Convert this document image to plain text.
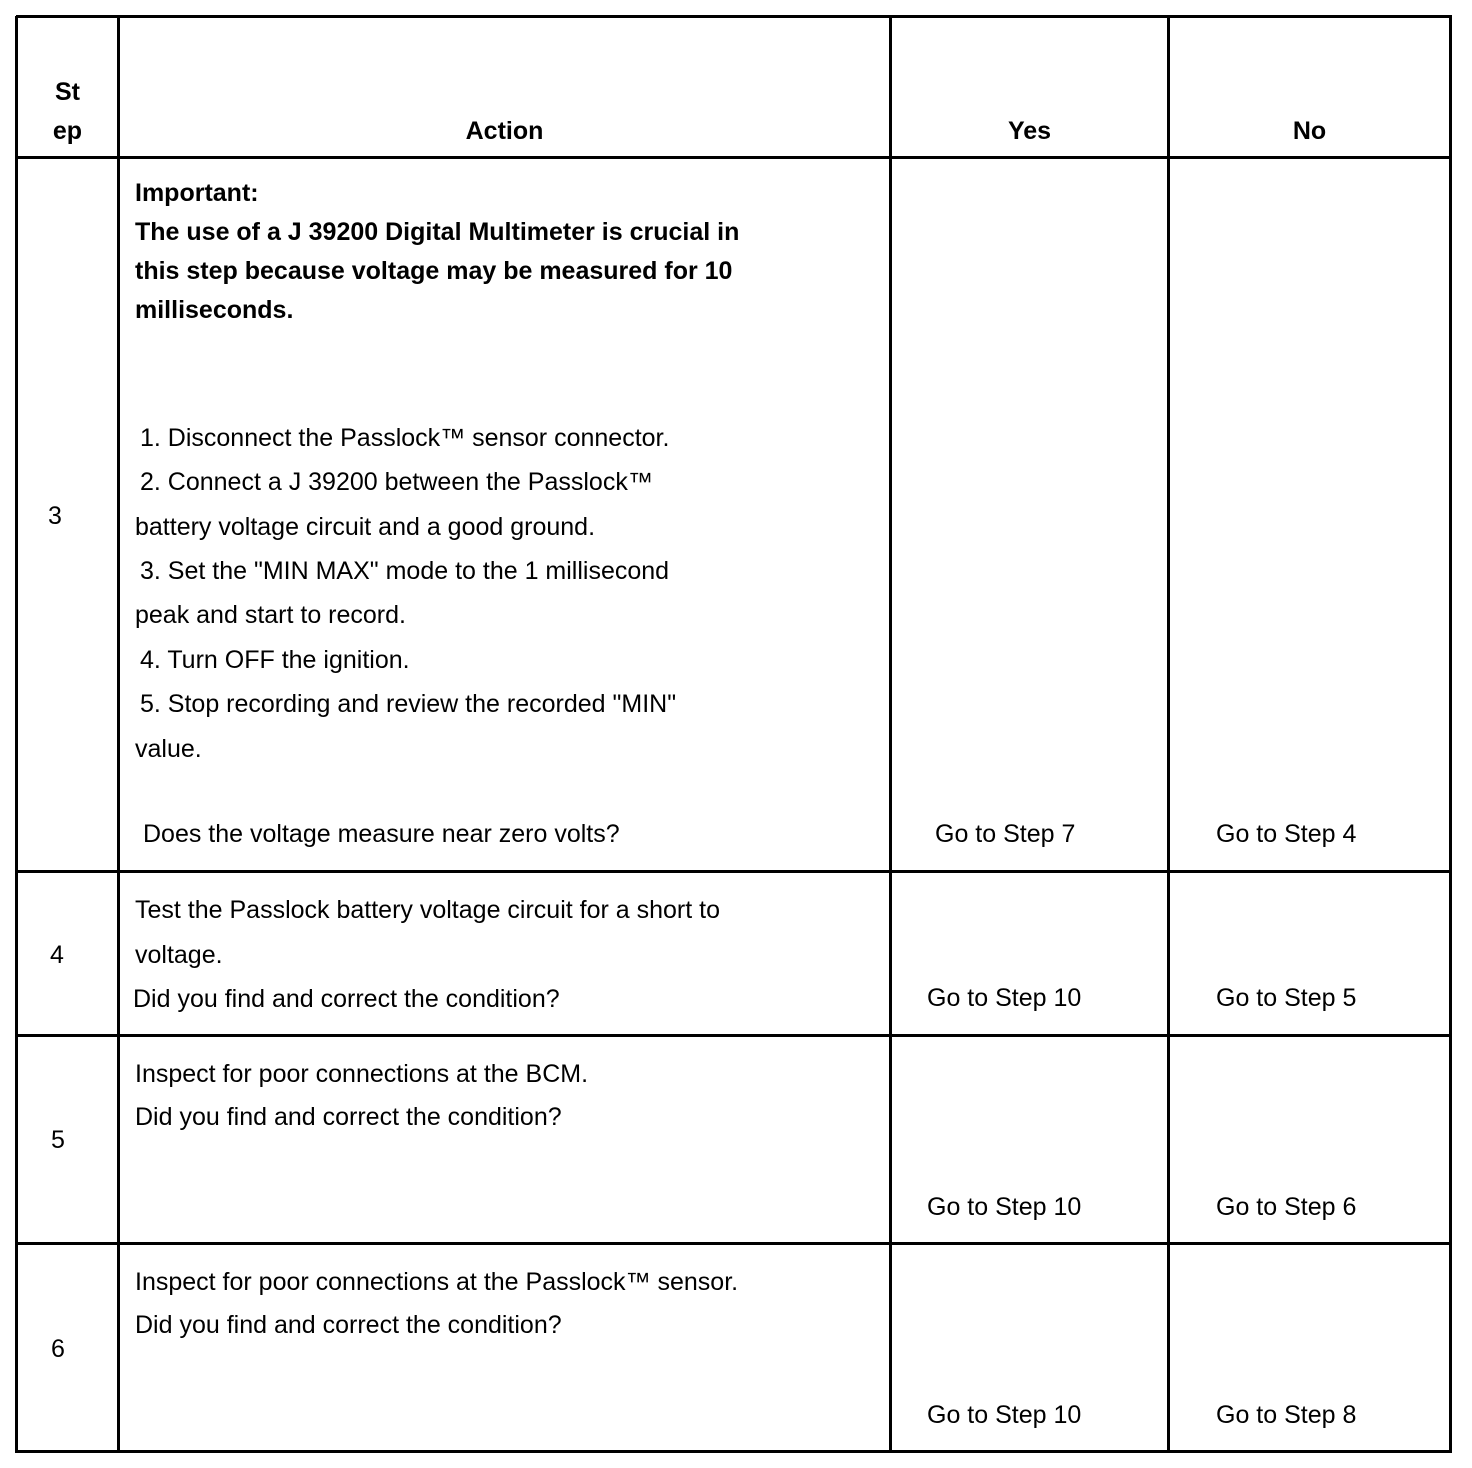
St
ep	Action	Yes	No
3
Important:
The use of a J 39200 Digital Multimeter is crucial in
this step because voltage may be measured for 10
milliseconds.
1. Disconnect the Passlock™ sensor connector.
2. Connect a J 39200 between the Passlock™
battery voltage circuit and a good ground.
3. Set the "MIN MAX" mode to the 1 millisecond
peak and start to record.
4. Turn OFF the ignition.
5. Stop recording and review the recorded "MIN"
value.
Does the voltage measure near zero volts?	Go to Step 7	Go to Step 4
4
Test the Passlock battery voltage circuit for a short to
voltage.
Did you find and correct the condition?	Go to Step 10	Go to Step 5
5
Inspect for poor connections at the BCM.
Did you find and correct the condition?
Go to Step 10	Go to Step 6
6
Inspect for poor connections at the Passlock™ sensor.
Did you find and correct the condition?
Go to Step 10	Go to Step 8
